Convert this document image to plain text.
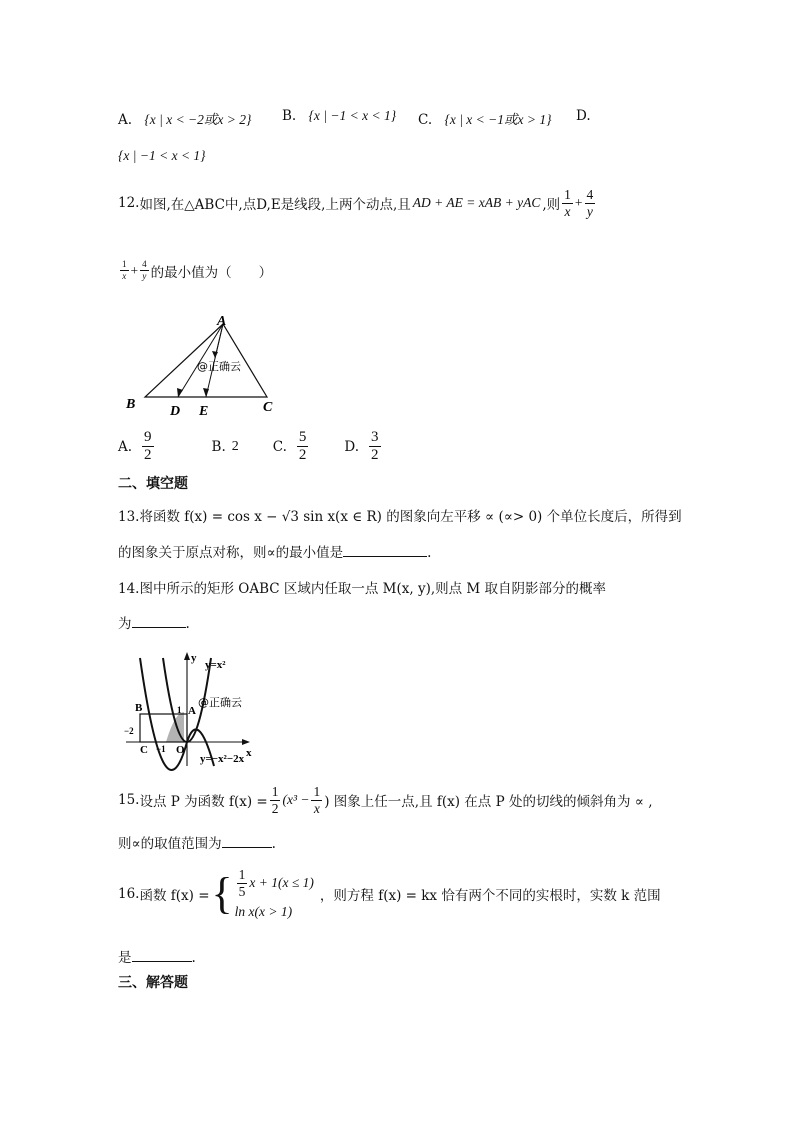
A. {x | x < −2或x > 2} B. {x | −1 < x < 1} C. {x | x < −1或x > 1} D.
{x | −1 < x < 1}
12. 如图,在△ABC中,点D,E是线段,上两个动点,且 AD + AE = xAB + yAC ,则 $\frac{1}{x} + \frac{4}{y}$
$\frac{1}{x} + \frac{4}{y}$ 的最小值为（　　）
A
B	C
D E
@正确云
A. $\frac{9}{2}$	B. 2	C. $\frac{5}{2}$	D. $\frac{3}{2}$
二、填空题
13.将函数 f(x) = cos x − √3 sin x(x ∈ R) 的图象向左平移 ∝ (∝> 0) 个单位长度后，所得到
的图象关于原点对称，则∝的最小值是	.
14.图中所示的矩形 OABC 区域内任取一点 M(x, y),则点 M 取自阴影部分的概率
为	.
y=x²
y=−x²−2x
@正确云
B	A
1
C	O
−2
−1	x
y
15. 设点 P 为函数 $f(x) = \frac{1}{2} (x^3 - \frac{1}{x}$ ) 图象上任一点,且 f(x) 在点 P 处的切线的倾斜角为 ∝ ,
则∝的取值范围为	.
16. 函数 f(x) = { $\frac{1}{5}$ x + 1(x ≤ 1)
ln x(x > 1)
，则方程 f(x) = kx 恰有两个不同的实根时，实数 k 范围
是	.
三、解答题
